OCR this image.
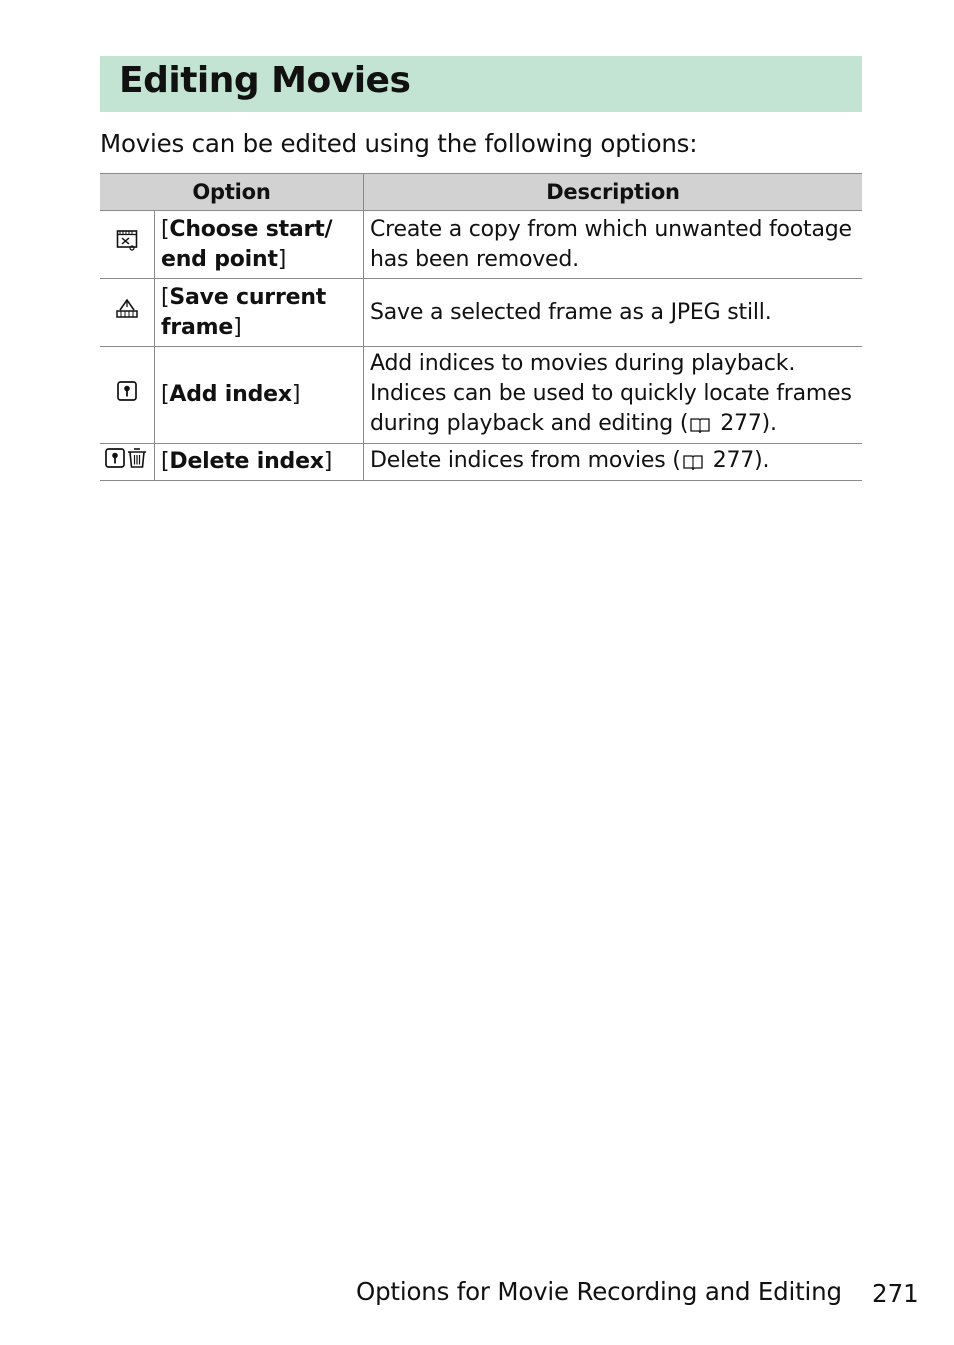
Editing Movies
Movies can be edited using the following options:
Option		Description
	[Choose start/ end point]	Create a copy from which unwanted footage has been removed.
	[Save current frame]	Save a selected frame as a JPEG still.
	[Add index]	Add indices to movies during playback. Indices can be used to quickly locate frames during playback and editing ( 277).
	[Delete index]	Delete indices from movies ( 277).
Options for Movie Recording and Editing 271
